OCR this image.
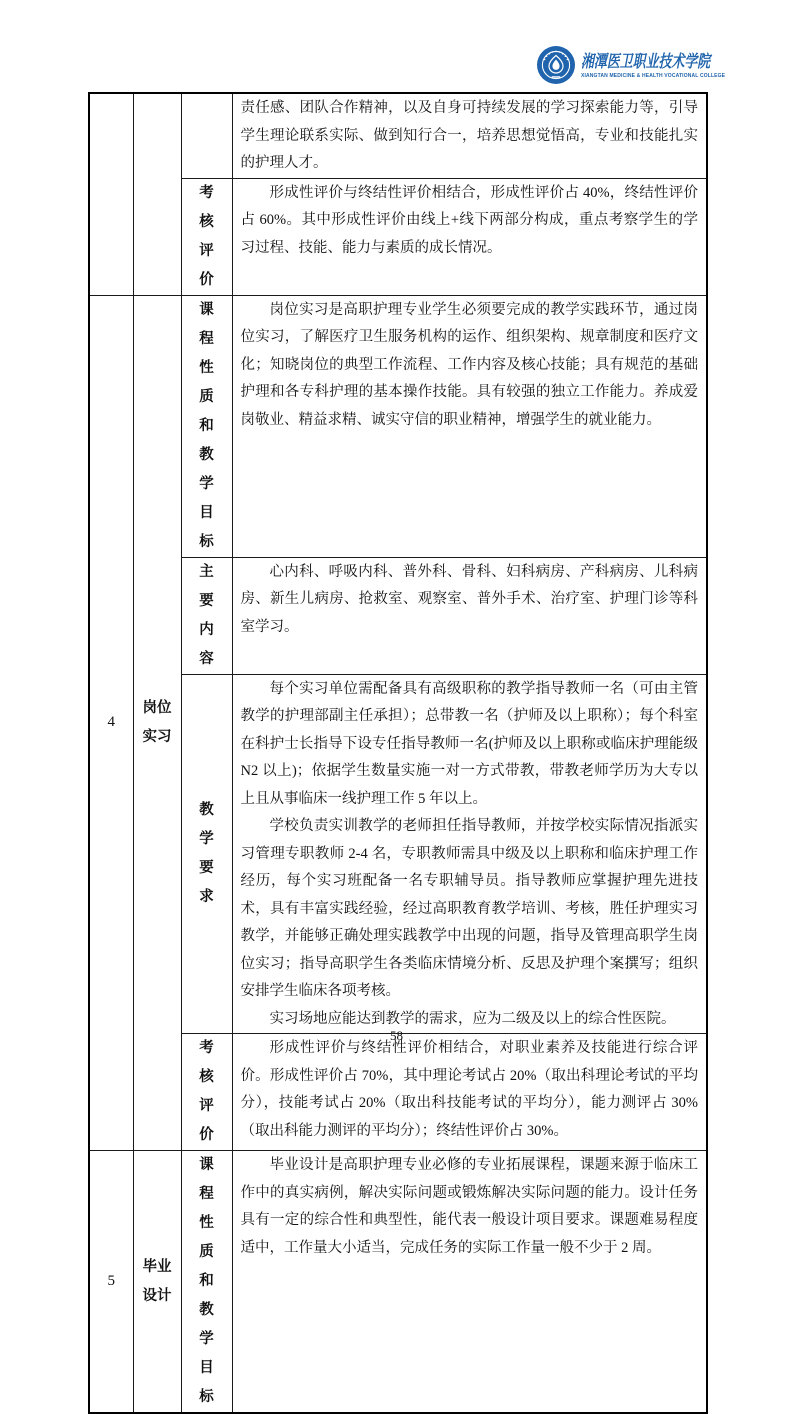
湘潭医卫职业技术学院
XIANGTAN MEDICINE & HEALTH VOCATIONAL COLLEGE

			责任感、团队合作精神，以及自身可持续发展的学习探索能力等，引导学生理论联系实际、做到知行合一，培养思想觉悟高，专业和技能扎实的护理人才。

		考核评价	形成性评价与终结性评价相结合，形成性评价占 40%，终结性评价占 60%。其中形成性评价由线上+线下两部分构成，重点考察学生的学习过程、技能、能力与素质的成长情况。

4	岗位实习	课程性质和教学目标	岗位实习是高职护理专业学生必须要完成的教学实践环节，通过岗位实习，了解医疗卫生服务机构的运作、组织架构、规章制度和医疗文化；知晓岗位的典型工作流程、工作内容及核心技能；具有规范的基础护理和各专科护理的基本操作技能。具有较强的独立工作能力。养成爱岗敬业、精益求精、诚实守信的职业精神，增强学生的就业能力。

		主要内容	心内科、呼吸内科、普外科、骨科、妇科病房、产科病房、儿科病房、新生儿病房、抢救室、观察室、普外手术、治疗室、护理门诊等科室学习。

		教学要求	每个实习单位需配备具有高级职称的教学指导教师一名（可由主管教学的护理部副主任承担）；总带教一名（护师及以上职称）；每个科室在科护士长指导下设专任指导教师一名(护师及以上职称或临床护理能级 N2 以上)；依据学生数量实施一对一方式带教，带教老师学历为大专以上且从事临床一线护理工作 5 年以上。

学校负责实训教学的老师担任指导教师，并按学校实际情况指派实习管理专职教师 2-4 名，专职教师需具中级及以上职称和临床护理工作经历，每个实习班配备一名专职辅导员。指导教师应掌握护理先进技术，具有丰富实践经验，经过高职教育教学培训、考核，胜任护理实习教学，并能够正确处理实践教学中出现的问题，指导及管理高职学生岗位实习；指导高职学生各类临床情境分析、反思及护理个案撰写；组织安排学生临床各项考核。

实习场地应能达到教学的需求，应为二级及以上的综合性医院。

		考核评价	形成性评价与终结性评价相结合，对职业素养及技能进行综合评价。形成性评价占 70%，其中理论考试占 20%（取出科理论考试的平均分），技能考试占 20%（取出科技能考试的平均分），能力测评占 30%（取出科能力测评的平均分）；终结性评价占 30%。

5	毕业设计	课程性质和教学目标	毕业设计是高职护理专业必修的专业拓展课程，课题来源于临床工作中的真实病例，解决实际问题或锻炼解决实际问题的能力。设计任务具有一定的综合性和典型性，能代表一般设计项目要求。课题难易程度适中，工作量大小适当，完成任务的实际工作量一般不少于 2 周。

58
